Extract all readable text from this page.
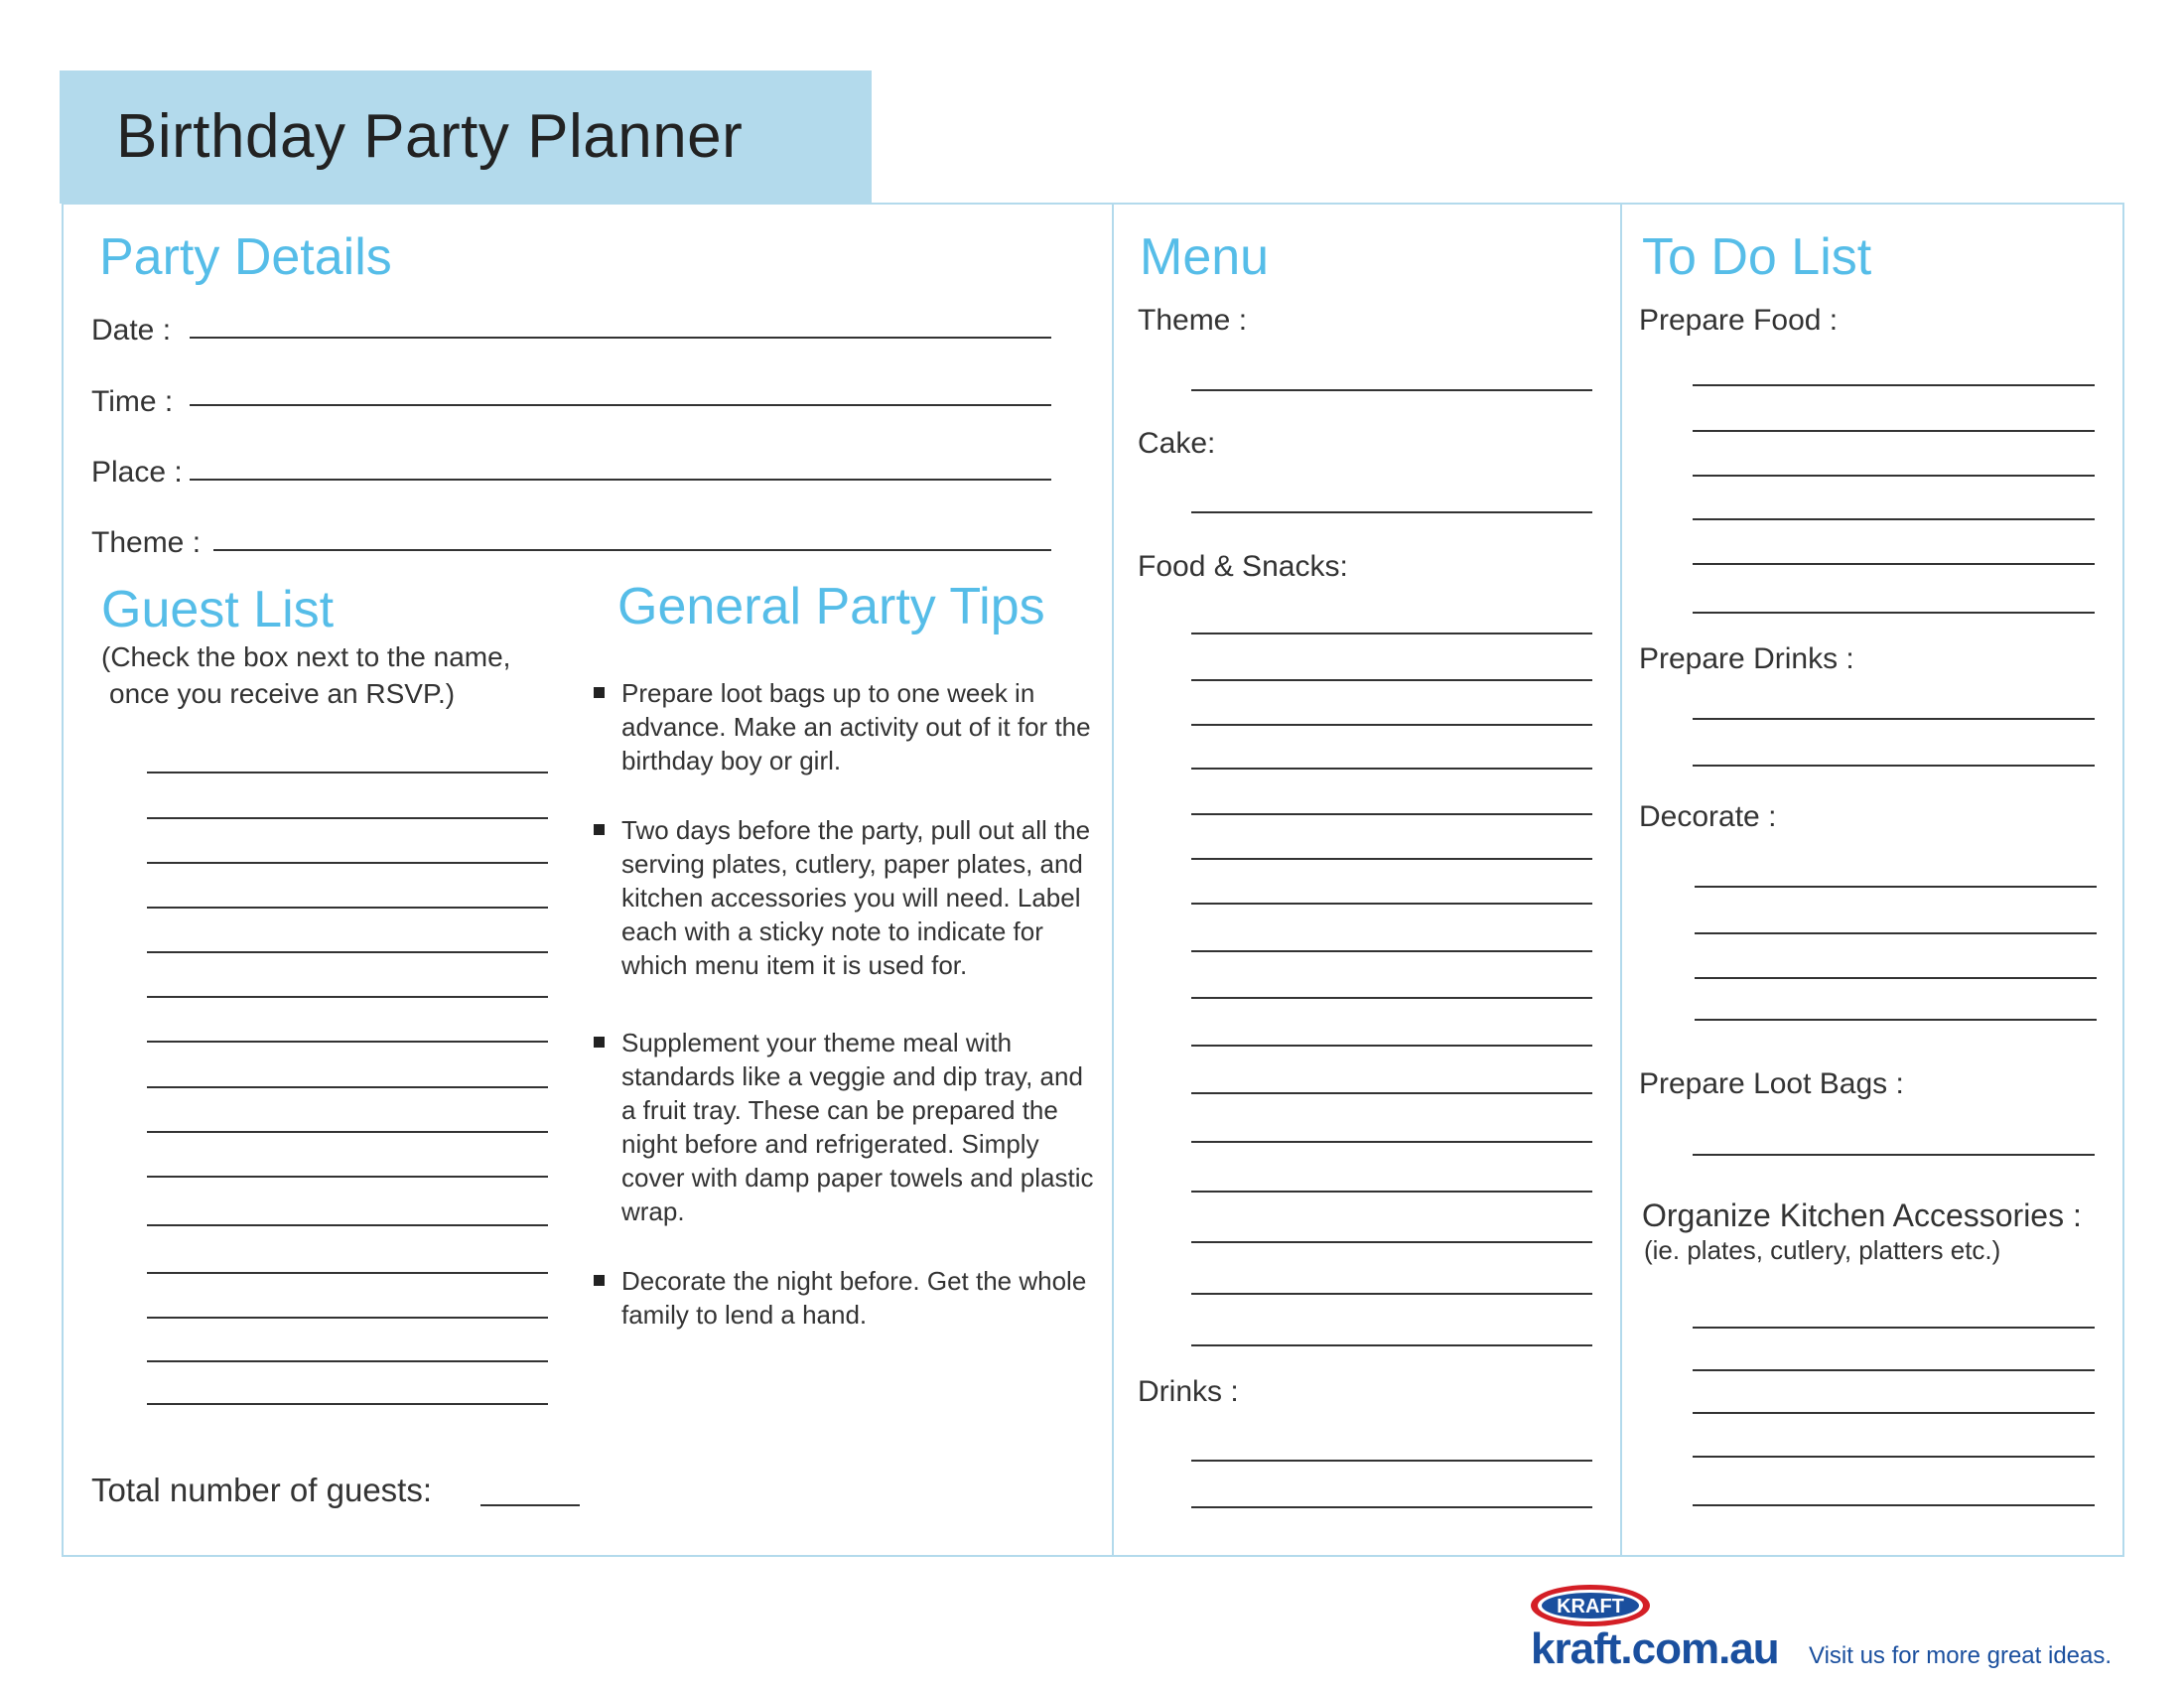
Birthday Party Planner
Party Details
Date :
Time :
Place :
Theme :
Guest List
(Check the box next to the name,
once you receive an RSVP.)
Total number of guests:
General Party Tips
Prepare loot bags up to one week in advance. Make an activity out of it for the birthday boy or girl.
Two days before the party, pull out all the serving plates, cutlery, paper plates, and kitchen accessories you will need. Label each with a sticky note to indicate for which menu item it is used for.
Supplement your theme meal with standards like a veggie and dip tray, and a fruit tray. These can be prepared the night before and refrigerated. Simply cover with damp paper towels and plastic wrap.
Decorate the night before. Get the whole family to lend a hand.
Menu
Theme :
Cake:
Food & Snacks:
Drinks :
To Do List
Prepare Food :
Prepare Drinks :
Decorate :
Prepare Loot Bags :
Organize Kitchen Accessories :
(ie. plates, cutlery, platters etc.)
KRAFT
kraft.com.au Visit us for more great ideas.
